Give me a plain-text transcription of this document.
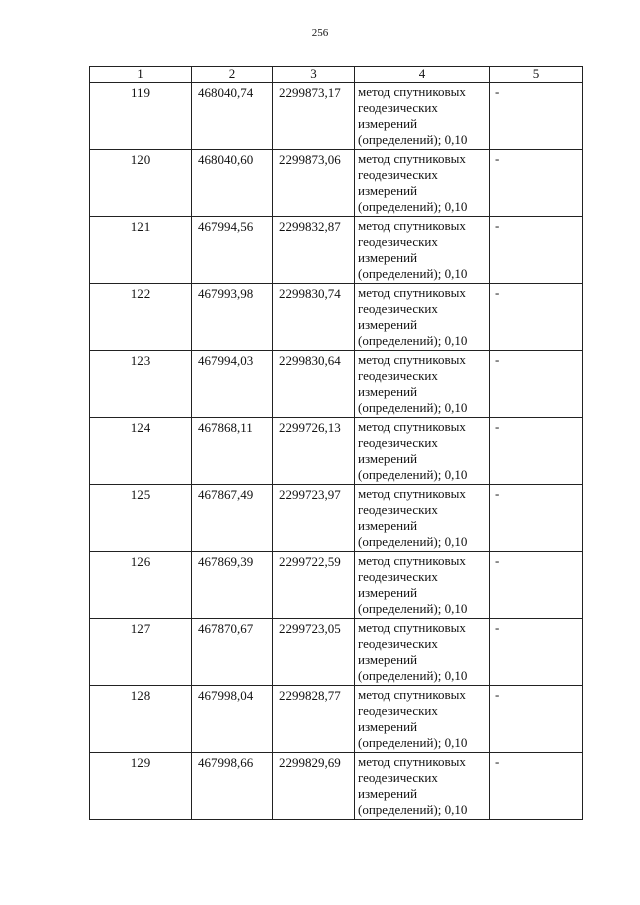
256
1	2	3	4	5
119	468040,74	2299873,17	метод спутниковых геодезических измерений (определений); 0,10	-
120	468040,60	2299873,06	метод спутниковых геодезических измерений (определений); 0,10	-
121	467994,56	2299832,87	метод спутниковых геодезических измерений (определений); 0,10	-
122	467993,98	2299830,74	метод спутниковых геодезических измерений (определений); 0,10	-
123	467994,03	2299830,64	метод спутниковых геодезических измерений (определений); 0,10	-
124	467868,11	2299726,13	метод спутниковых геодезических измерений (определений); 0,10	-
125	467867,49	2299723,97	метод спутниковых геодезических измерений (определений); 0,10	-
126	467869,39	2299722,59	метод спутниковых геодезических измерений (определений); 0,10	-
127	467870,67	2299723,05	метод спутниковых геодезических измерений (определений); 0,10	-
128	467998,04	2299828,77	метод спутниковых геодезических измерений (определений); 0,10	-
129	467998,66	2299829,69	метод спутниковых геодезических измерений (определений); 0,10	-
